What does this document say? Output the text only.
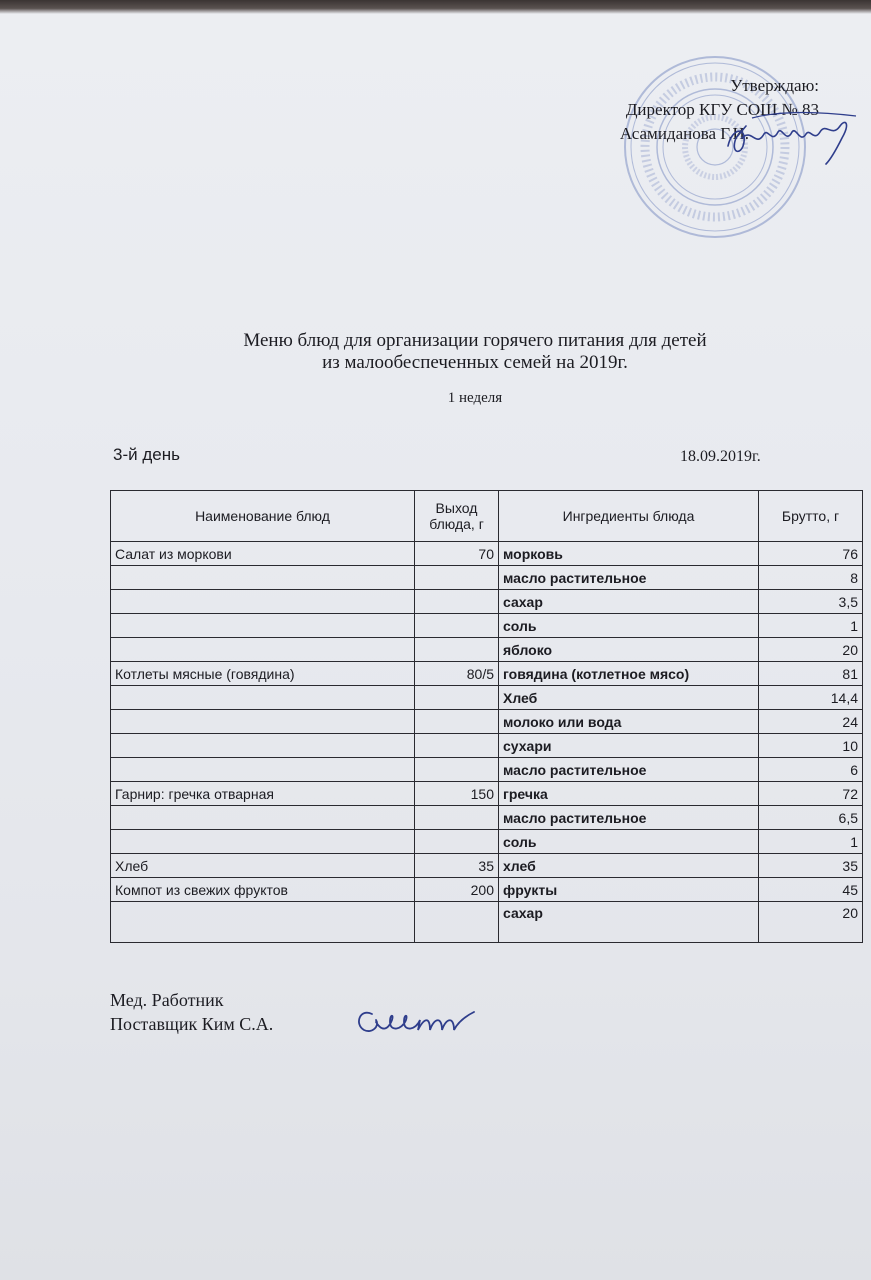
Утверждаю:
Директор КГУ СОШ № 83
Асамиданова Г.И.
Меню блюд для организации горячего питания для детей
из малообеспеченных семей на 2019г.
1 неделя
3-й день	18.09.2019г.
Наименование блюд	Выход блюда, г	Ингредиенты блюда	Брутто, г
Салат из моркови	70	морковь	76
		масло растительное	8
		сахар	3,5
		соль	1
		яблоко	20
Котлеты мясные (говядина)	80/5	говядина (котлетное мясо)	81
		Хлеб	14,4
		молоко или вода	24
		сухари	10
		масло растительное	6
Гарнир: гречка отварная	150	гречка	72
		масло растительное	6,5
		соль	1
Хлеб	35	хлеб	35
Компот из свежих фруктов	200	фрукты	45
		сахар	20
Мед. Работник
Поставщик Ким С.А.
